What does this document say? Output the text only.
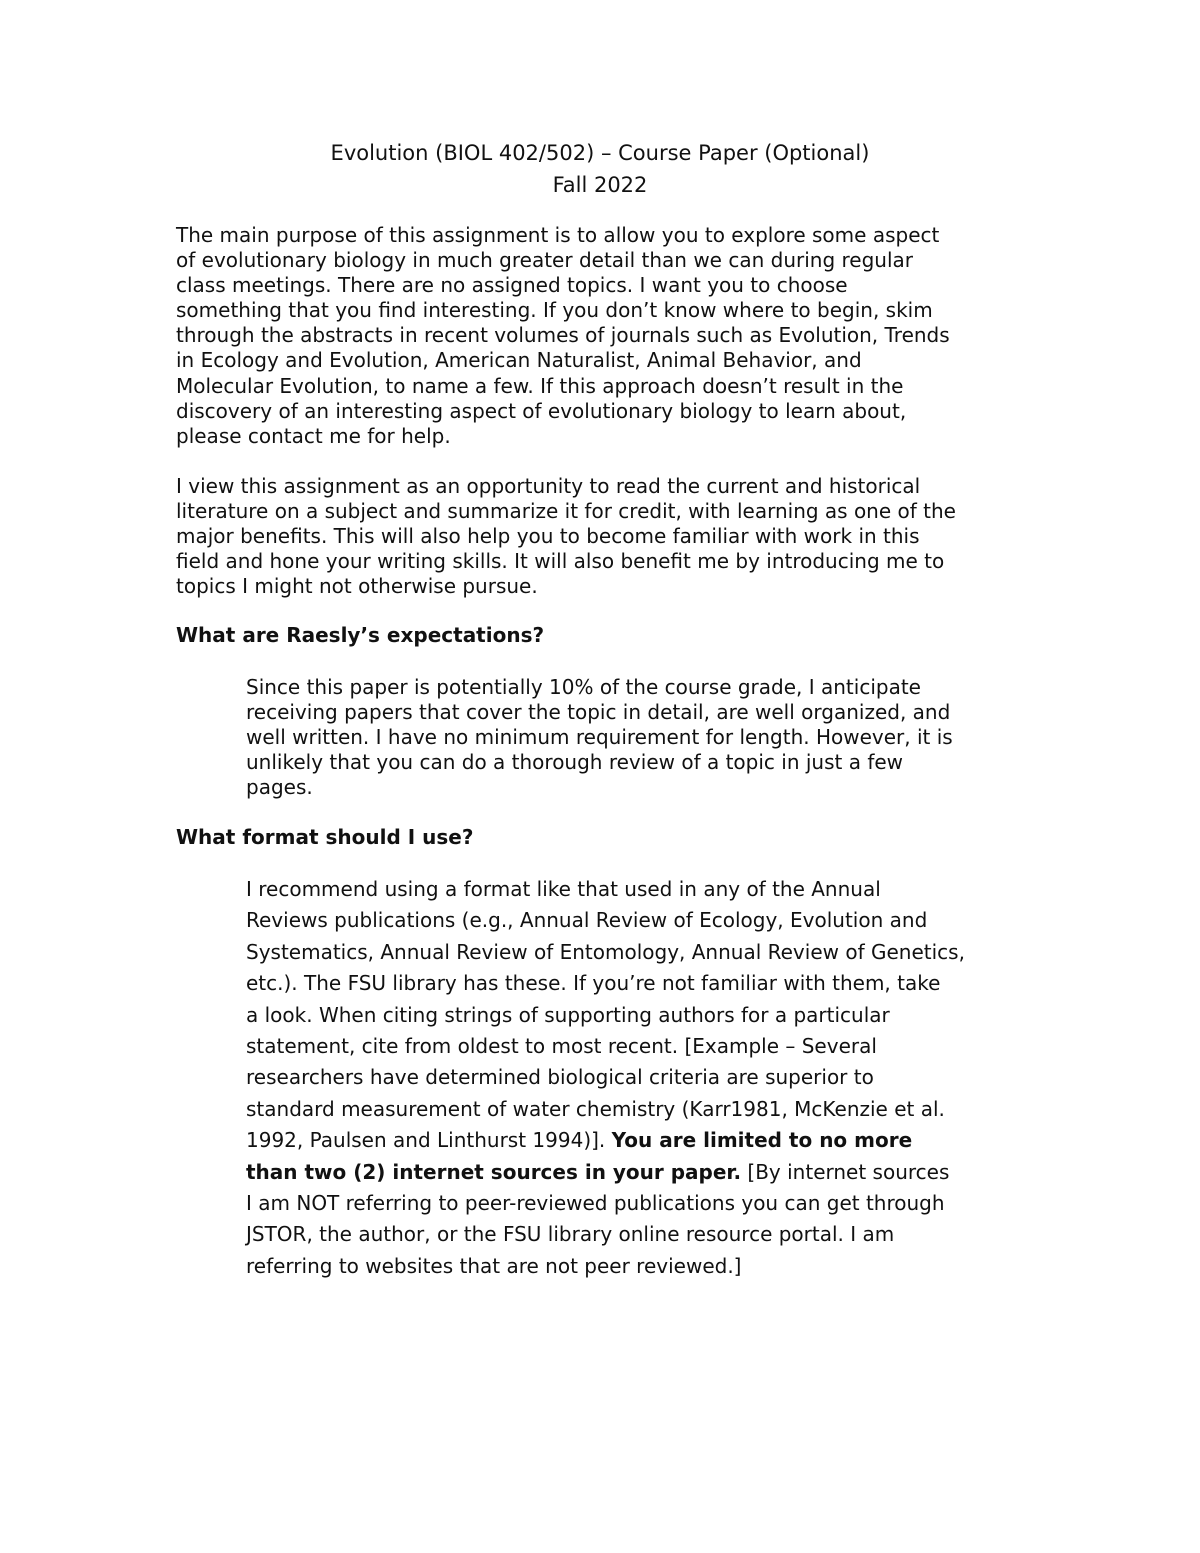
Evolution (BIOL 402/502) – Course Paper (Optional)
Fall 2022

The main purpose of this assignment is to allow you to explore some aspect
of evolutionary biology in much greater detail than we can during regular
class meetings. There are no assigned topics. I want you to choose
something that you find interesting. If you don’t know where to begin, skim
through the abstracts in recent volumes of journals such as Evolution, Trends
in Ecology and Evolution, American Naturalist, Animal Behavior, and
Molecular Evolution, to name a few. If this approach doesn’t result in the
discovery of an interesting aspect of evolutionary biology to learn about,
please contact me for help.

I view this assignment as an opportunity to read the current and historical
literature on a subject and summarize it for credit, with learning as one of the
major benefits. This will also help you to become familiar with work in this
field and hone your writing skills. It will also benefit me by introducing me to
topics I might not otherwise pursue.

What are Raesly’s expectations?

Since this paper is potentially 10% of the course grade, I anticipate
receiving papers that cover the topic in detail, are well organized, and
well written. I have no minimum requirement for length. However, it is
unlikely that you can do a thorough review of a topic in just a few
pages.

What format should I use?

I recommend using a format like that used in any of the Annual
Reviews publications (e.g., Annual Review of Ecology, Evolution and
Systematics, Annual Review of Entomology, Annual Review of Genetics,
etc.). The FSU library has these. If you’re not familiar with them, take
a look. When citing strings of supporting authors for a particular
statement, cite from oldest to most recent. [Example – Several
researchers have determined biological criteria are superior to
standard measurement of water chemistry (Karr1981, McKenzie et al.
1992, Paulsen and Linthurst 1994)]. You are limited to no more
than two (2) internet sources in your paper. [By internet sources
I am NOT referring to peer-reviewed publications you can get through
JSTOR, the author, or the FSU library online resource portal. I am
referring to websites that are not peer reviewed.]
